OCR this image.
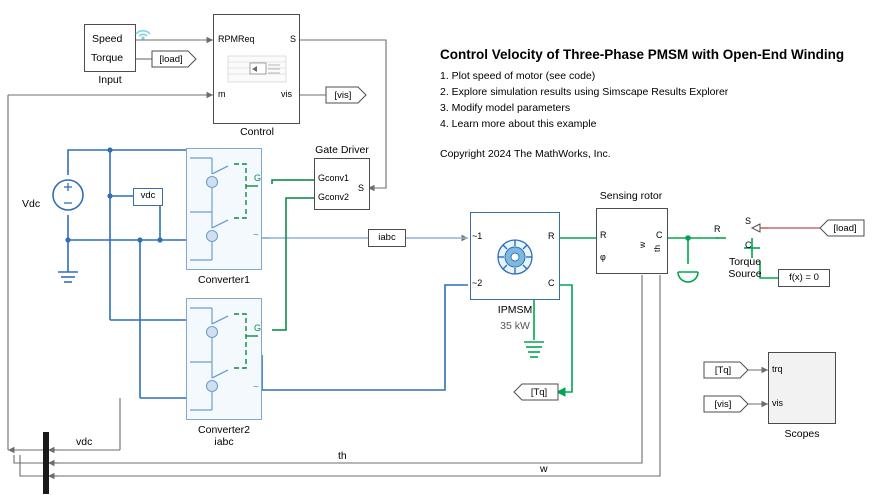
Speed
Torque
Input
[load]
RPMReq	S
m	vis
Control
[vis]
Gate Driver
Gconv1
Gconv2
S
Vdc
vdc
~
G
Converter1
G
~
Converter2
iabc
iabc	~1
~2
R
C
IPMSM
35 kW
Sensing rotor
R
φ
C
w th
Torque
Source
R
S
C
f(x) = 0
[load]
[Tq]
[Tq]
[vis]
trq
vis
Scopes
vdc
th
w
Control Velocity of Three-Phase PMSM with Open-End Winding
1. Plot speed of motor (see code)
2. Explore simulation results using Simscape Results Explorer
3. Modify model parameters
4. Learn more about this example
Copyright 2024 The MathWorks, Inc.
